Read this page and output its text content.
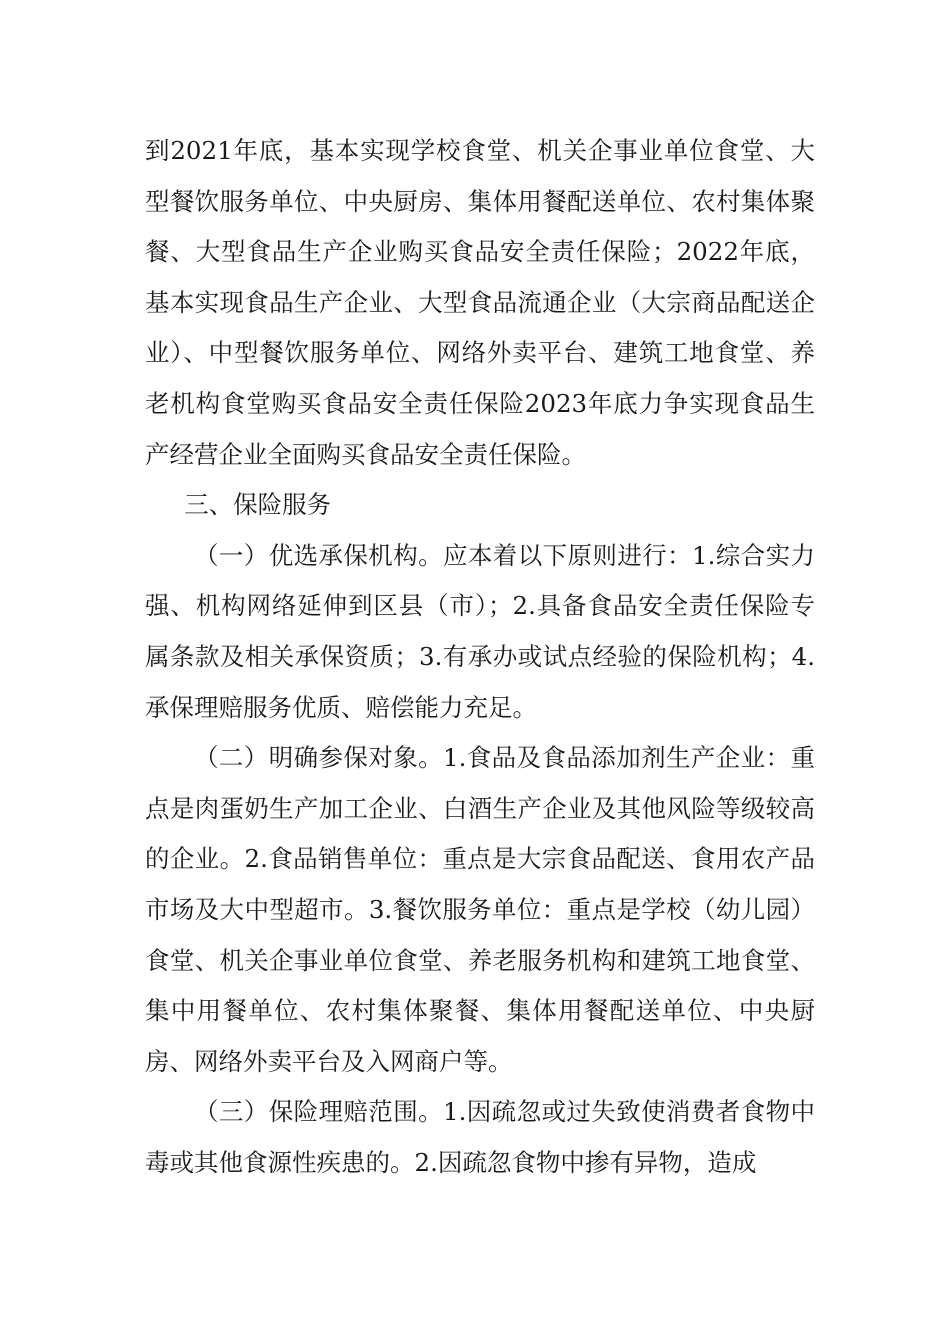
到2021年底，基本实现学校食堂、机关企事业单位食堂、大型餐饮服务单位、中央厨房、集体用餐配送单位、农村集体聚餐、大型食品生产企业购买食品安全责任保险；2022年底，基本实现食品生产企业、大型食品流通企业（大宗商品配送企业）、中型餐饮服务单位、网络外卖平台、建筑工地食堂、养老机构食堂购买食品安全责任保险2023年底力争实现食品生产经营企业全面购买食品安全责任保险。

三、保险服务

（一）优选承保机构。应本着以下原则进行：1.综合实力强、机构网络延伸到区县（市）；2.具备食品安全责任保险专属条款及相关承保资质；3.有承办或试点经验的保险机构；4.承保理赔服务优质、赔偿能力充足。

（二）明确参保对象。1.食品及食品添加剂生产企业：重点是肉蛋奶生产加工企业、白酒生产企业及其他风险等级较高的企业。2.食品销售单位：重点是大宗食品配送、食用农产品市场及大中型超市。3.餐饮服务单位：重点是学校（幼儿园）食堂、机关企事业单位食堂、养老服务机构和建筑工地食堂、集中用餐单位、农村集体聚餐、集体用餐配送单位、中央厨房、网络外卖平台及入网商户等。

（三）保险理赔范围。1.因疏忽或过失致使消费者食物中毒或其他食源性疾患的。2.因疏忽食物中掺有异物，造成
